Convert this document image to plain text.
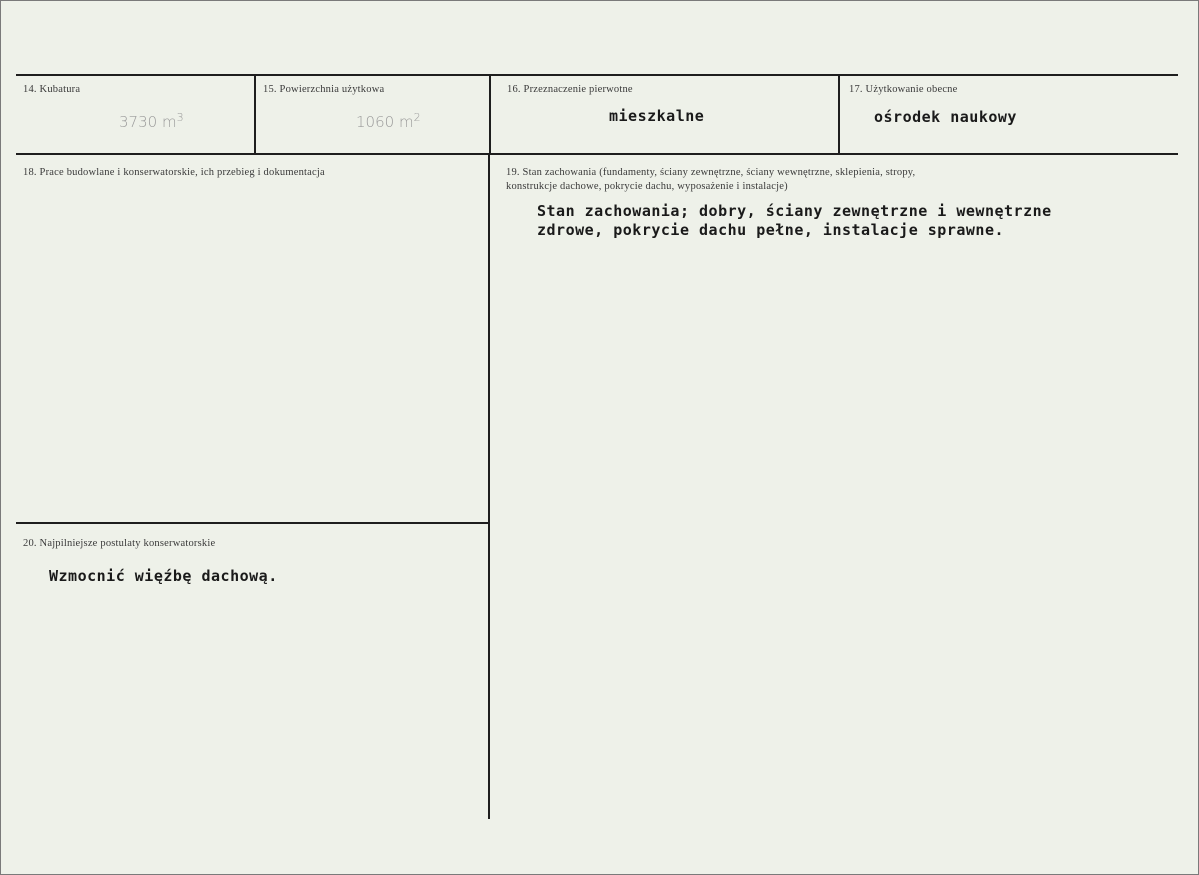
14. Kubatura
3730 $m^3$
15. Powierzchnia użytkowa
1060 $m^2$
16. Przeznaczenie pierwotne
mieszkalne
17. Użytkowanie obecne
ośrodek naukowy
18. Prace budowlane i konserwatorskie, ich przebieg i dokumentacja	19. Stan zachowania (fundamenty, ściany zewnętrzne, ściany wewnętrzne, sklepienia, stropy,
konstrukcje dachowe, pokrycie dachu, wyposażenie i instalacje)
Stan zachowania; dobry, ściany zewnętrzne i wewnętrzne
zdrowe, pokrycie dachu pełne, instalacje sprawne.
20. Najpilniejsze postulaty konserwatorskie
Wzmocnić więźbę dachową.
